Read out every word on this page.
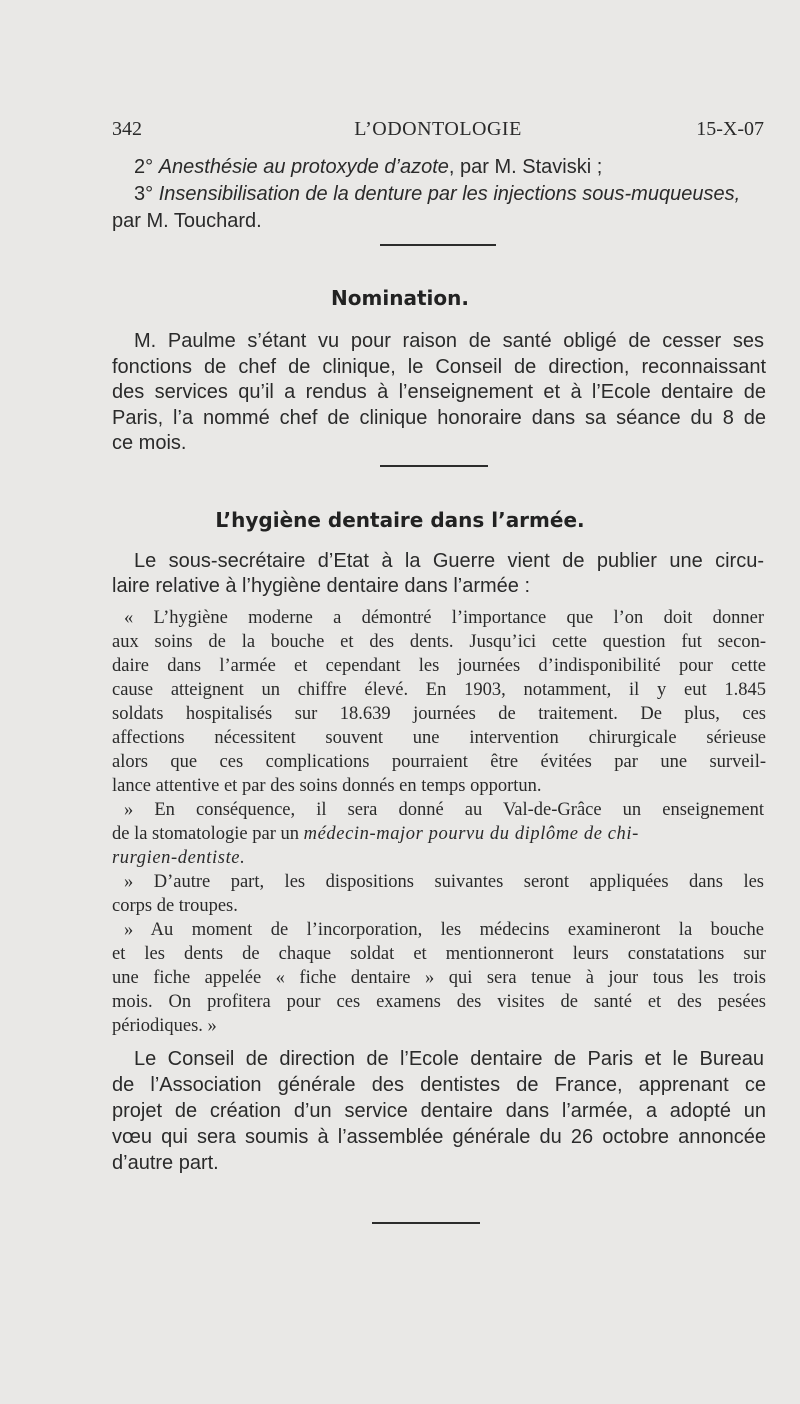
342	L’ODONTOLOGIE	15-X-07
2° Anesthésie au protoxyde d’azote, par M. Staviski ;
3° Insensibilisation de la denture par les injections sous-muqueuses,
par M. Touchard.
Nomination.
M. Paulme s’étant vu pour raison de santé obligé de cesser ses
fonctions de chef de clinique, le Conseil de direction, reconnaissant
des services qu’il a rendus à l’enseignement et à l’Ecole dentaire de
Paris, l’a nommé chef de clinique honoraire dans sa séance du 8 de
ce mois.
L’hygiène dentaire dans l’armée.
Le sous-secrétaire d’Etat à la Guerre vient de publier une circu-
laire relative à l’hygiène dentaire dans l’armée :
« L’hygiène moderne a démontré l’importance que l’on doit donner
aux soins de la bouche et des dents. Jusqu’ici cette question fut secon-
daire dans l’armée et cependant les journées d’indisponibilité pour cette
cause atteignent un chiffre élevé. En 1903, notamment, il y eut 1.845
soldats hospitalisés sur 18.639 journées de traitement. De plus, ces
affections nécessitent souvent une intervention chirurgicale sérieuse
alors que ces complications pourraient être évitées par une surveil-
lance attentive et par des soins donnés en temps opportun.
» En conséquence, il sera donné au Val-de-Grâce un enseignement
de la stomatologie par un médecin-major pourvu du diplôme de chi-
rurgien-dentiste.
» D’autre part, les dispositions suivantes seront appliquées dans les
corps de troupes.
» Au moment de l’incorporation, les médecins examineront la bouche
et les dents de chaque soldat et mentionneront leurs constatations sur
une fiche appelée « fiche dentaire » qui sera tenue à jour tous les trois
mois. On profitera pour ces examens des visites de santé et des pesées
périodiques. »
Le Conseil de direction de l’Ecole dentaire de Paris et le Bureau
de l’Association générale des dentistes de France, apprenant ce
projet de création d’un service dentaire dans l’armée, a adopté un
vœu qui sera soumis à l’assemblée générale du 26 octobre annoncée
d’autre part.
